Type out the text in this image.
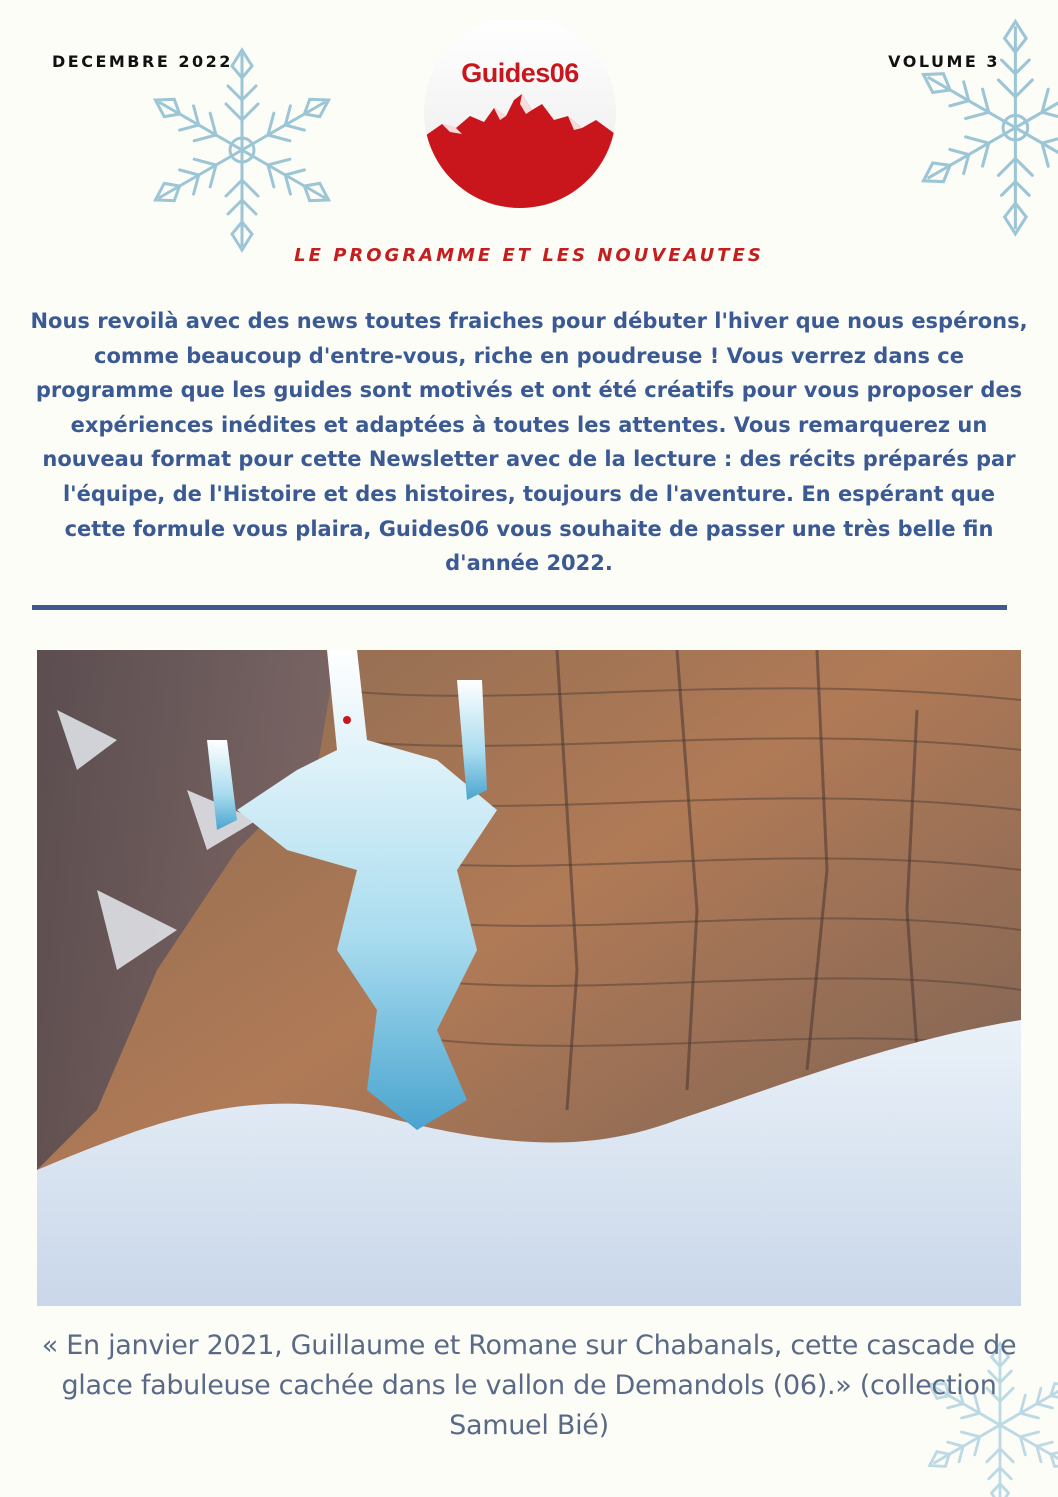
DECEMBRE 2022	VOLUME 3
Guides06
LE PROGRAMME ET LES NOUVEAUTES
Nous revoilà avec des news toutes fraiches pour débuter l'hiver que nous espérons, comme beaucoup d'entre-vous, riche en poudreuse ! Vous verrez dans ce programme que les guides sont motivés et ont été créatifs pour vous proposer des expériences inédites et adaptées à toutes les attentes. Vous remarquerez un nouveau format pour cette Newsletter avec de la lecture : des récits préparés par l'équipe, de l'Histoire et des histoires, toujours de l'aventure. En espérant que cette formule vous plaira, Guides06 vous souhaite de passer une très belle fin d'année 2022.
« En janvier 2021, Guillaume et Romane sur Chabanals, cette cascade de glace fabuleuse cachée dans le vallon de Demandols (06).» (collection Samuel Bié)
